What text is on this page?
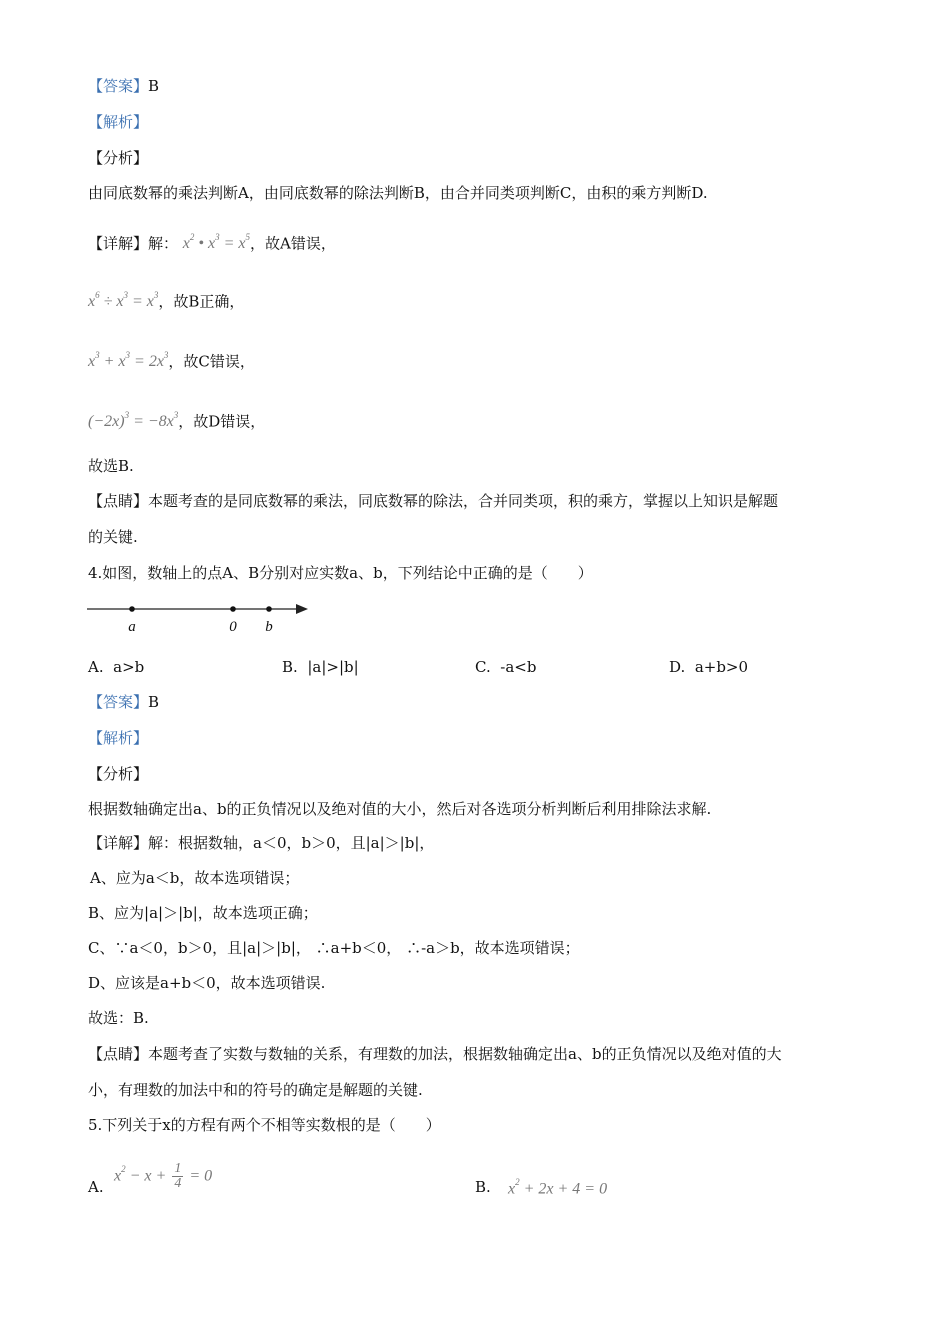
【答案】B
【解析】
【分析】
由同底数幂的乘法判断A，由同底数幂的除法判断B，由合并同类项判断C，由积的乘方判断D.
【详解】解： $x^2$ • $x^3 = x^5$，故A错误，
$x^6 \div x^3 = x^3$，故B正确，
$x^3 + x^3 = 2x^3$，故C错误，
$(-2x)^3 = -8x^3$，故D错误，
故选B.
【点睛】本题考查的是同底数幂的乘法，同底数幂的除法，合并同类项，积的乘方，掌握以上知识是解题
的关键.
4.如图，数轴上的点A、B分别对应实数a、b，下列结论中正确的是（　　）
a	0 b
A. a>b	B. |a|>|b|	C. -a<b	D. a+b>0
【答案】B
【解析】
【分析】
根据数轴确定出a、b的正负情况以及绝对值的大小，然后对各选项分析判断后利用排除法求解.
【详解】解：根据数轴，a＜0，b＞0，且|a|＞|b|，
A、应为a＜b，故本选项错误；
B、应为|a|＞|b|，故本选项正确；
C、∵a＜0，b＞0，且|a|＞|b|， ∴a+b＜0， ∴-a＞b，故本选项错误；
D、应该是a+b＜0，故本选项错误.
故选：B.
【点睛】本题考查了实数与数轴的关系，有理数的加法，根据数轴确定出a、b的正负情况以及绝对值的大
小，有理数的加法中和的符号的确定是解题的关键.
5.下列关于x的方程有两个不相等实数根的是（　　）
A.
$x^2 - x + \frac{1}{4} = 0$
B. $x^2 + 2x + 4 = 0$
